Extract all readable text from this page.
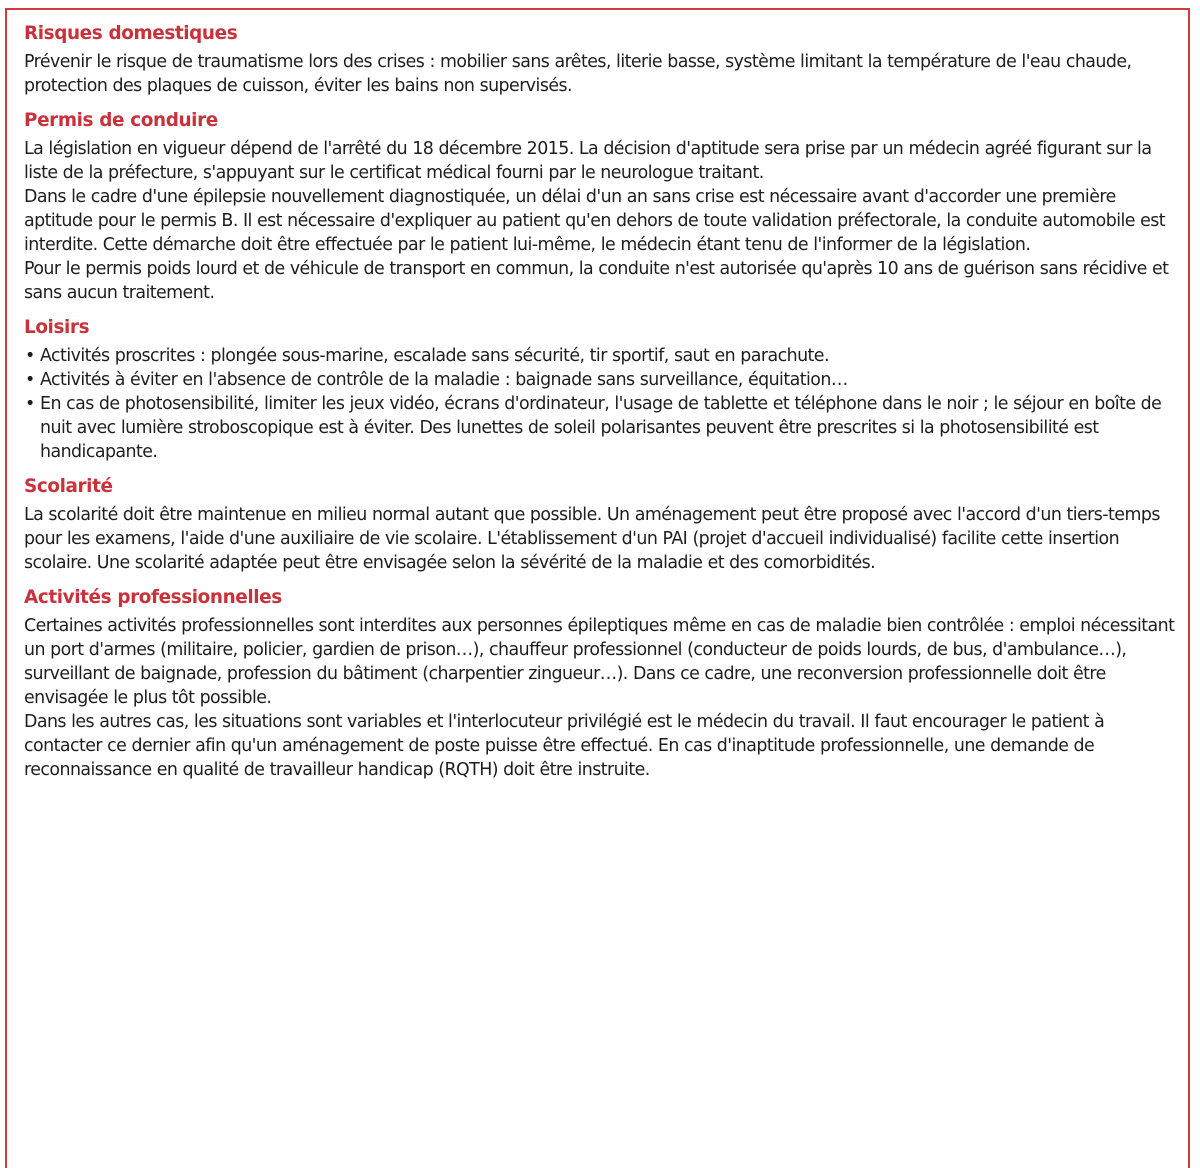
Risques domestiques

Prévenir le risque de traumatisme lors des crises : mobilier sans arêtes, literie basse, système limitant la température de l'eau chaude, protection des plaques de cuisson, éviter les bains non supervisés.

Permis de conduire

La législation en vigueur dépend de l'arrêté du 18 décembre 2015. La décision d'aptitude sera prise par un médecin agréé figurant sur la liste de la préfecture, s'appuyant sur le certificat médical fourni par le neurologue traitant.

Dans le cadre d'une épilepsie nouvellement diagnostiquée, un délai d'un an sans crise est nécessaire avant d'accorder une première aptitude pour le permis B. Il est nécessaire d'expliquer au patient qu'en dehors de toute validation préfectorale, la conduite automobile est interdite. Cette démarche doit être effectuée par le patient lui-même, le médecin étant tenu de l'informer de la législation.

Pour le permis poids lourd et de véhicule de transport en commun, la conduite n'est autorisée qu'après 10 ans de guérison sans récidive et sans aucun traitement.

Loisirs
• Activités proscrites : plongée sous-marine, escalade sans sécurité, tir sportif, saut en parachute.
• Activités à éviter en l'absence de contrôle de la maladie : baignade sans surveillance, équitation…
• En cas de photosensibilité, limiter les jeux vidéo, écrans d'ordinateur, l'usage de tablette et téléphone dans le noir ; le séjour en boîte de nuit avec lumière stroboscopique est à éviter. Des lunettes de soleil polarisantes peuvent être prescrites si la photosensibilité est handicapante.
Scolarité

La scolarité doit être maintenue en milieu normal autant que possible. Un aménagement peut être proposé avec l'accord d'un tiers-temps pour les examens, l'aide d'une auxiliaire de vie scolaire. L'établissement d'un PAI (projet d'accueil individualisé) facilite cette insertion scolaire. Une scolarité adaptée peut être envisagée selon la sévérité de la maladie et des comorbidités.

Activités professionnelles

Certaines activités professionnelles sont interdites aux personnes épileptiques même en cas de maladie bien contrôlée : emploi nécessitant un port d'armes (militaire, policier, gardien de prison…), chauffeur professionnel (conducteur de poids lourds, de bus, d'ambulance…), surveillant de baignade, profession du bâtiment (charpentier zingueur…). Dans ce cadre, une reconversion professionnelle doit être envisagée le plus tôt possible.

Dans les autres cas, les situations sont variables et l'interlocuteur privilégié est le médecin du travail. Il faut encourager le patient à contacter ce dernier afin qu'un aménagement de poste puisse être effectué. En cas d'inaptitude professionnelle, une demande de reconnaissance en qualité de travailleur handicap (RQTH) doit être instruite.
